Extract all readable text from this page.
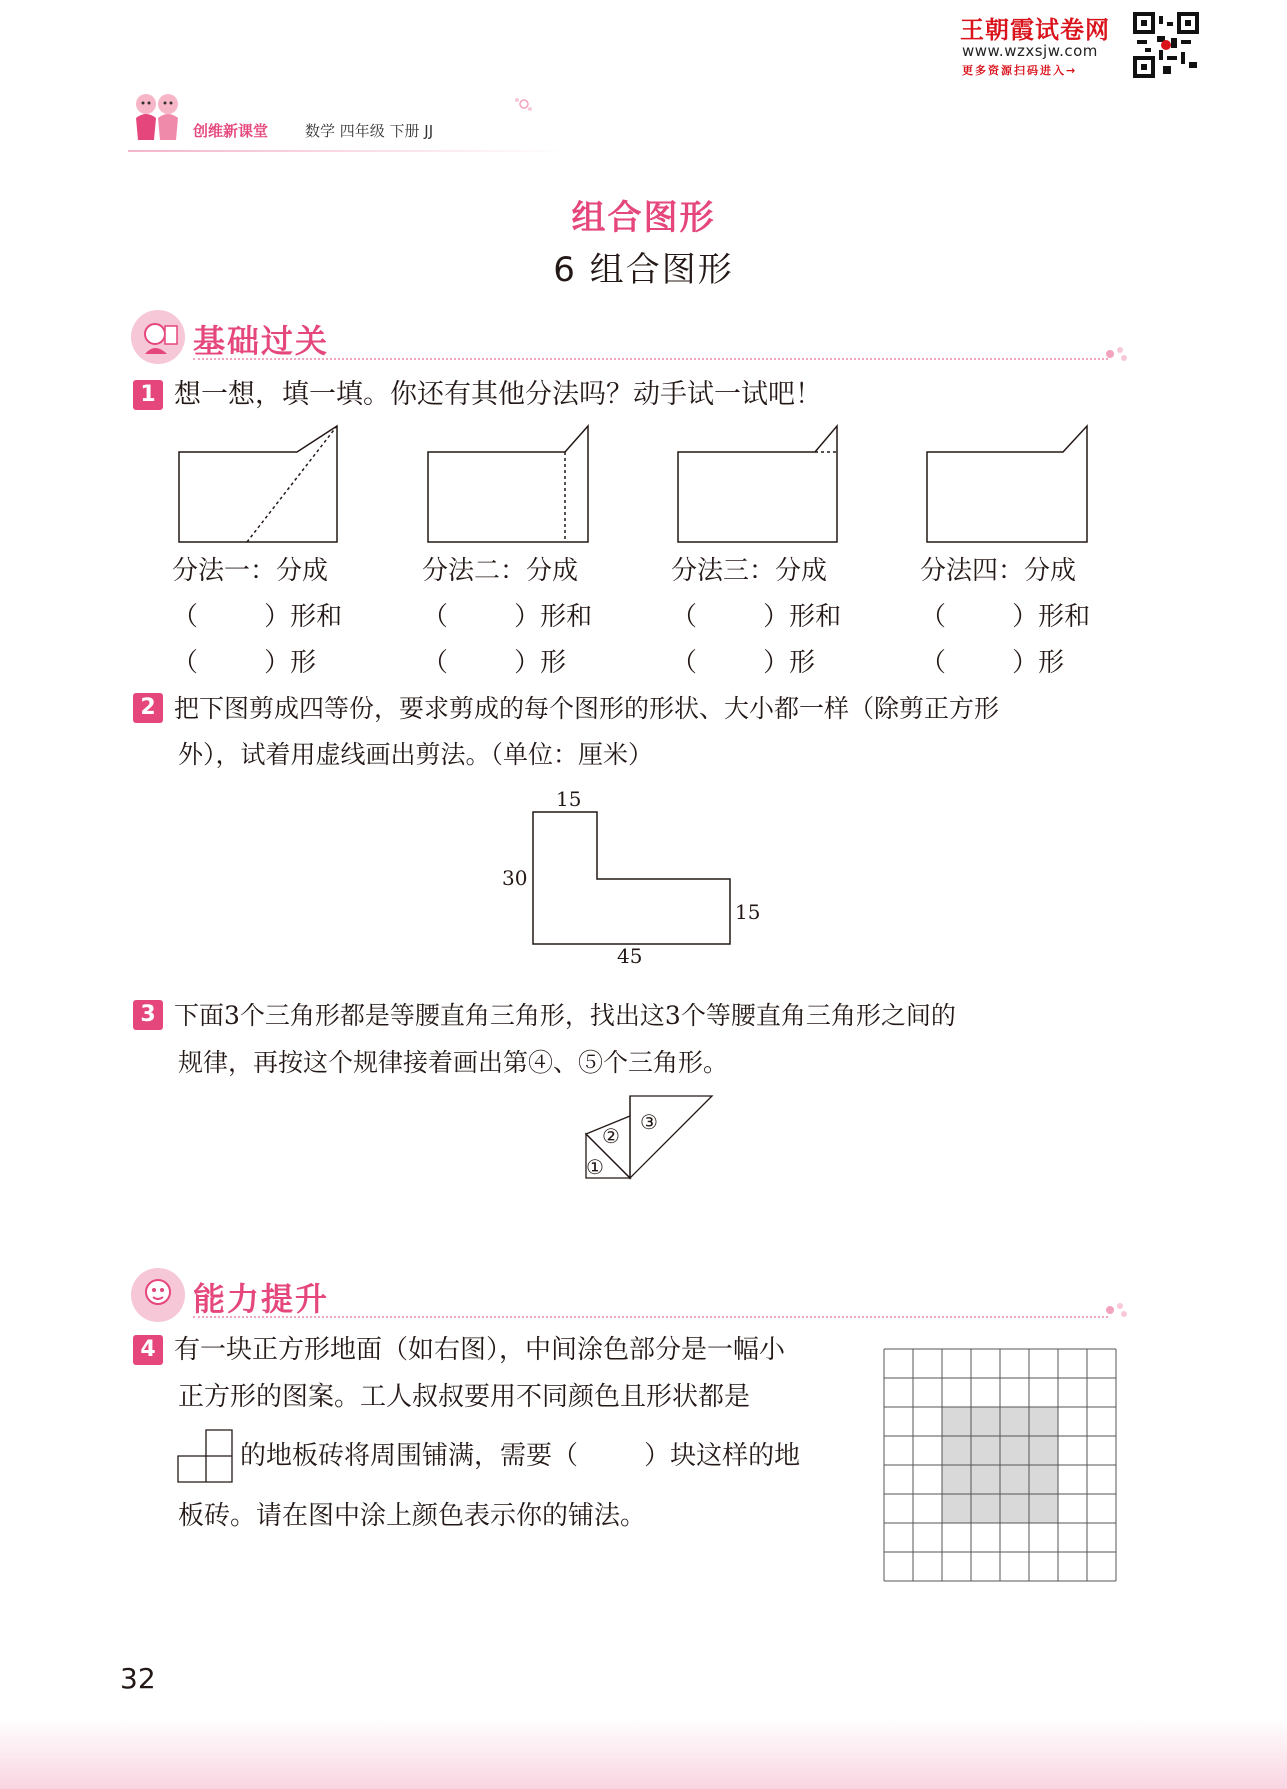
王朝霞试卷网
www.wzxsjw.com
更多资源扫码进入→
创维新课堂 数学 四年级 下册 JJ
组合图形
6 组合图形
基础过关
1 想一想，填一填。你还有其他分法吗？动手试一试吧！
分法一：分成
（        ）形和
（        ）形
分法二：分成
（        ）形和
（        ）形
分法三：分成
（        ）形和
（        ）形
分法四：分成
（        ）形和
（        ）形
2 把下图剪成四等份，要求剪成的每个图形的形状、大小都一样（除剪正方形
外），试着用虚线画出剪法。（单位：厘米）
15
30
15
45
3 下面3个三角形都是等腰直角三角形，找出这3个等腰直角三角形之间的
规律，再按这个规律接着画出第④、⑤个三角形。
①
②
③
能力提升
4 有一块正方形地面（如右图），中间涂色部分是一幅小
正方形的图案。工人叔叔要用不同颜色且形状都是
的地板砖将周围铺满，需要（        ）块这样的地
板砖。请在图中涂上颜色表示你的铺法。
32
